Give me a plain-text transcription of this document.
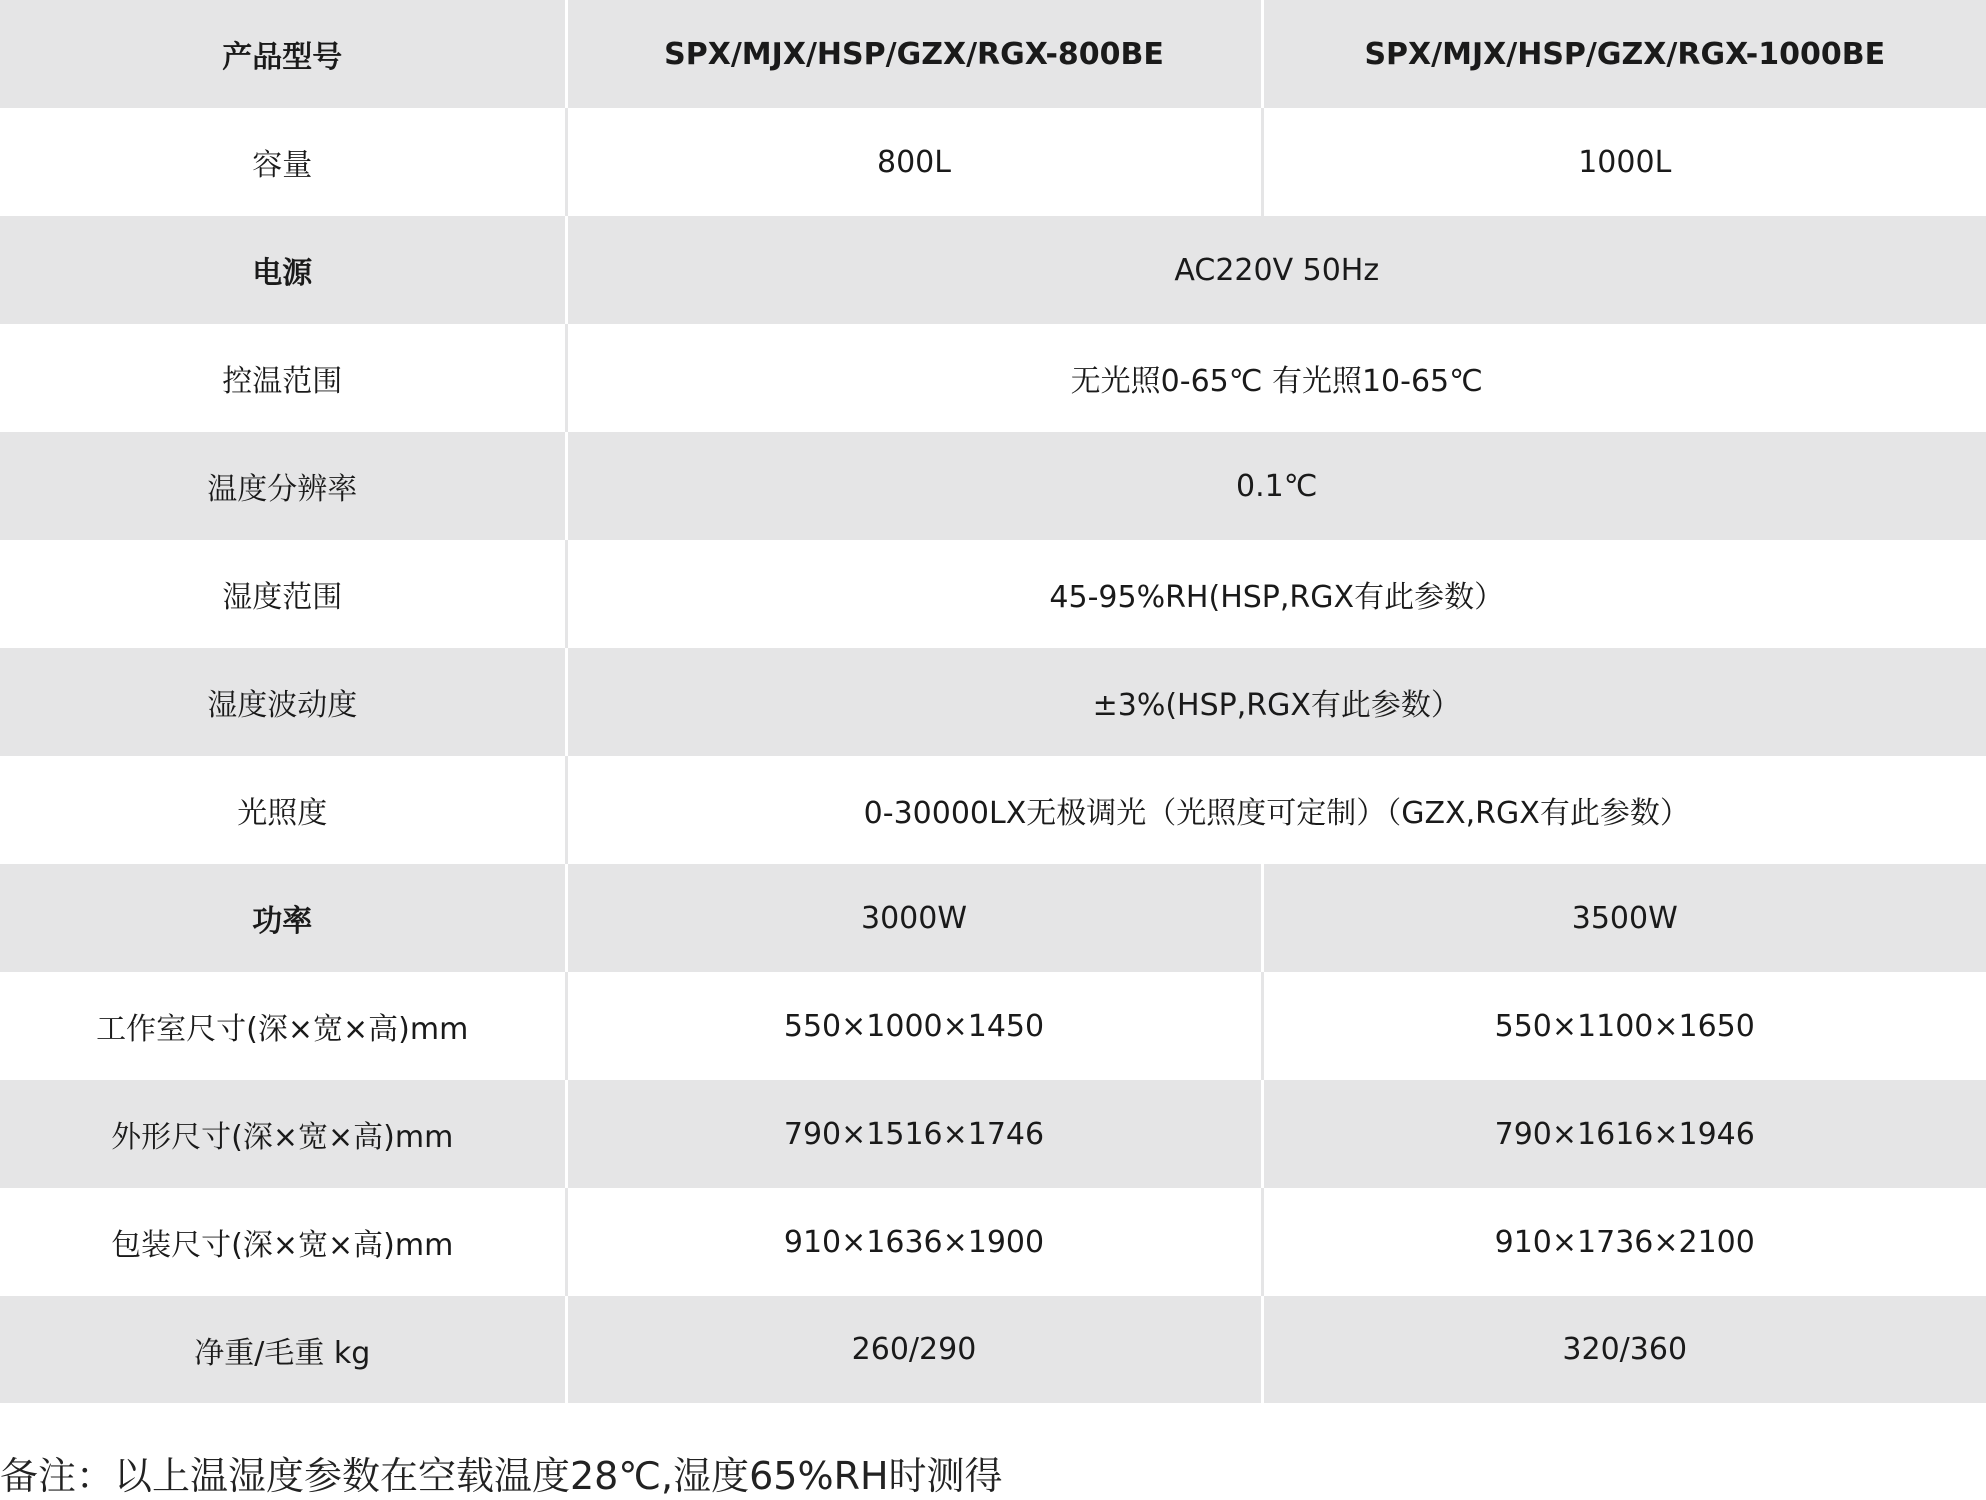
产品型号	SPX/MJX/HSP/GZX/RGX-800BE	SPX/MJX/HSP/GZX/RGX-1000BE
容量	800L	1000L
电源	AC220V 50Hz	
控温范围	无光照0-65℃ 有光照10-65℃	
温度分辨率	0.1℃	
湿度范围	45-95%RH(HSP,RGX有此参数）	
湿度波动度	±3%(HSP,RGX有此参数）	
光照度	0-30000LX无极调光（光照度可定制）（GZX,RGX有此参数）	
功率	3000W	3500W
工作室尺寸(深×宽×高)mm	550×1000×1450	550×1100×1650
外形尺寸(深×宽×高)mm	790×1516×1746	790×1616×1946
包装尺寸(深×宽×高)mm	910×1636×1900	910×1736×2100
净重/毛重 kg	260/290	320/360
备注：以上温湿度参数在空载温度28℃,湿度65%RH时测得
